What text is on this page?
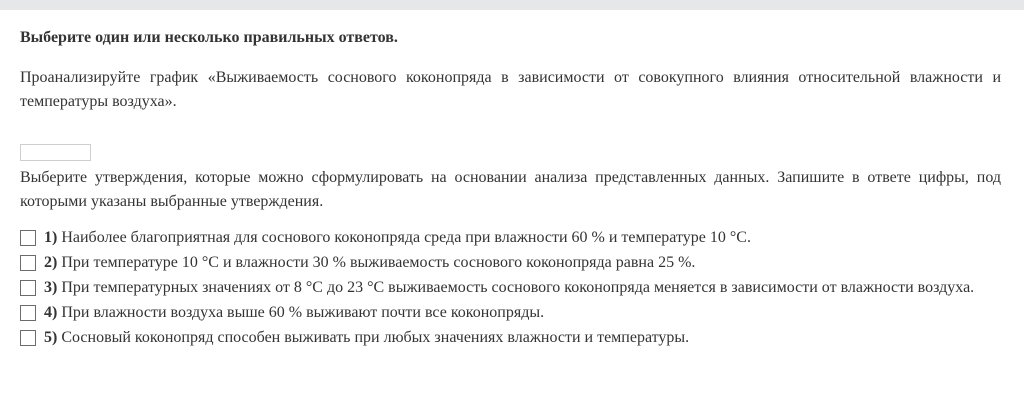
Выберите один или несколько правильных ответов.

Проанализируйте график «Выживаемость соснового коконопряда в зависимости от совокупного влияния относительной влажности и температуры воздуха».

Выберите утверждения, которые можно сформулировать на основании анализа представленных данных. Запишите в ответе цифры, под которыми указаны выбранные утверждения.

1) Наиболее благоприятная для соснового коконопряда среда при влажности 60 % и температуре 10 °С.
2) При температуре 10 °С и влажности 30 % выживаемость соснового коконопряда равна 25 %.
3) При температурных значениях от 8 °С до 23 °С выживаемость соснового коконопряда меняется в зависимости от влажности воздуха.
4) При влажности воздуха выше 60 % выживают почти все коконопряды.
5) Сосновый коконопряд способен выживать при любых значениях влажности и температуры.
